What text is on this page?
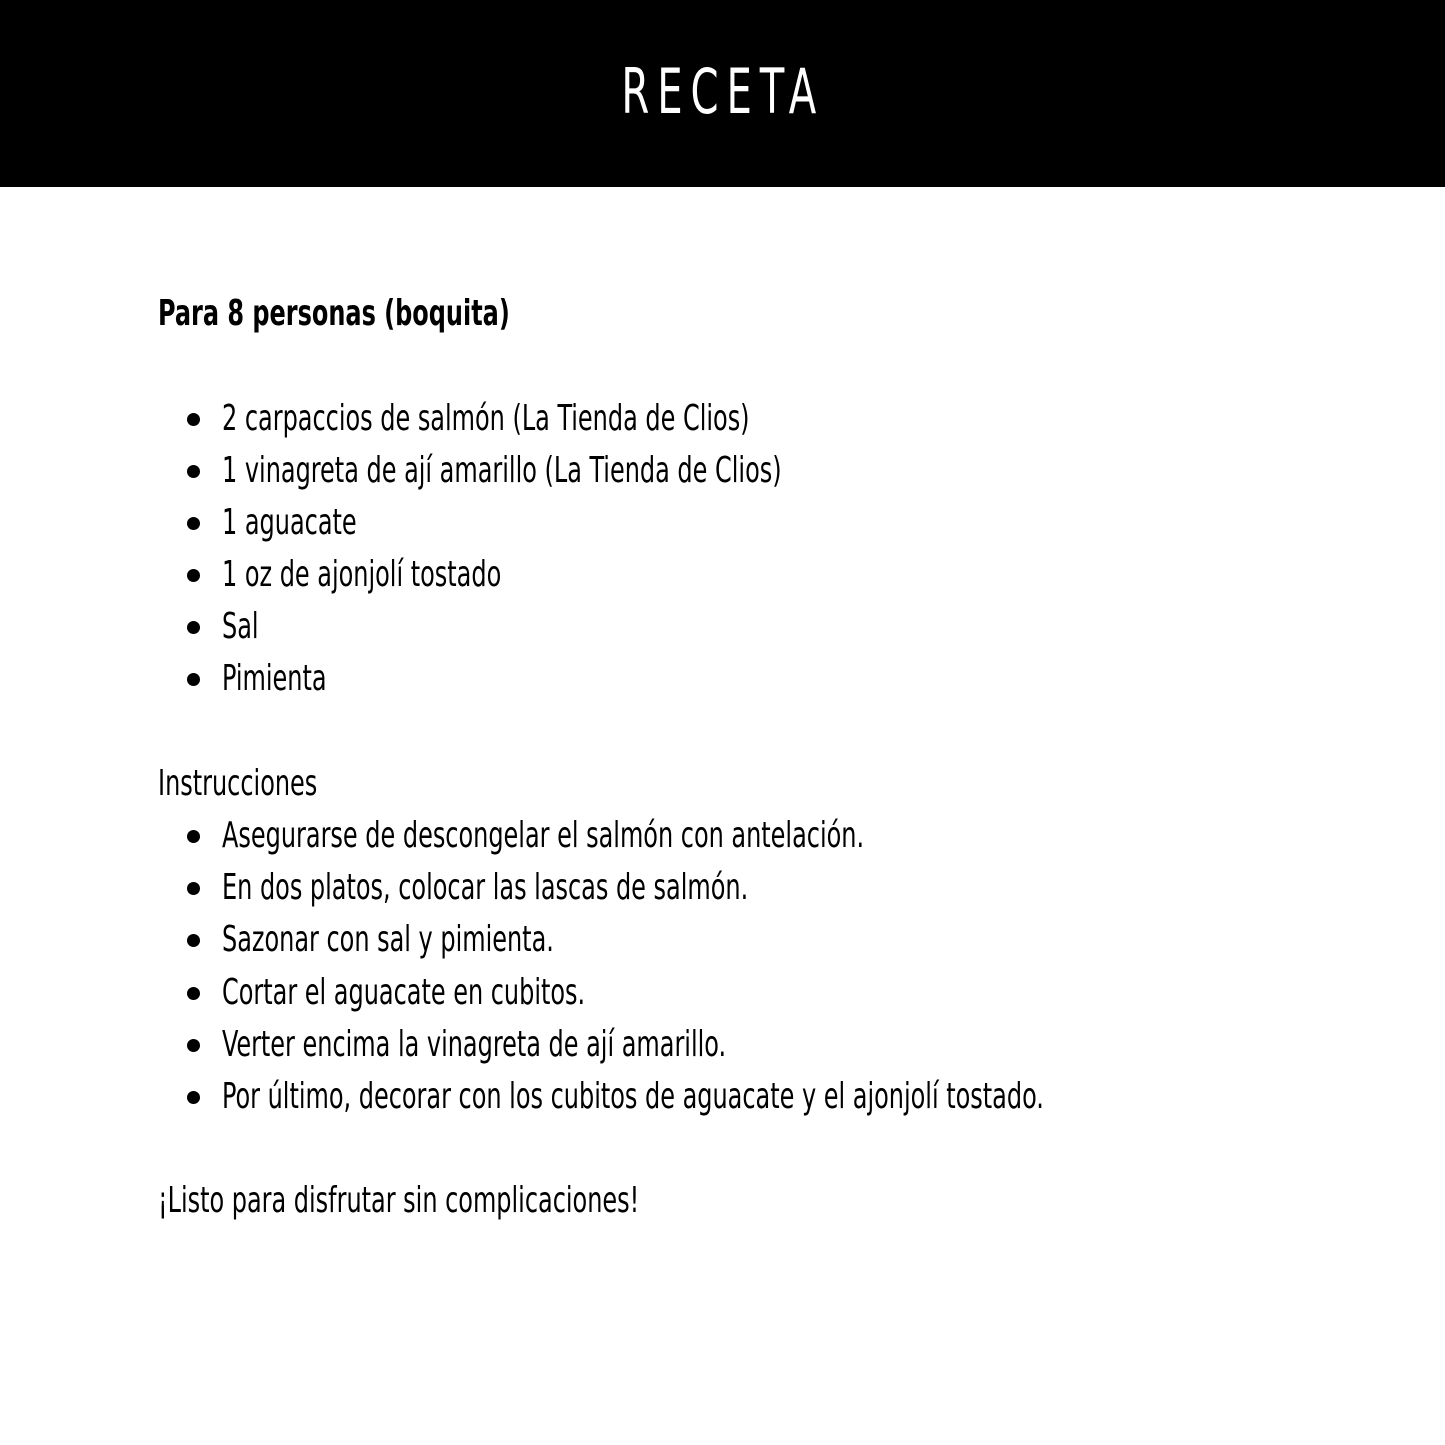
RECETA
Para 8 personas (boquita)
2 carpaccios de salmón (La Tienda de Clios)
1 vinagreta de ají amarillo (La Tienda de Clios)
1 aguacate
1 oz de ajonjolí tostado
Sal
Pimienta
Instrucciones
Asegurarse de descongelar el salmón con antelación.
En dos platos, colocar las lascas de salmón.
Sazonar con sal y pimienta.
Cortar el aguacate en cubitos.
Verter encima la vinagreta de ají amarillo.
Por último, decorar con los cubitos de aguacate y el ajonjolí tostado.
¡Listo para disfrutar sin complicaciones!
